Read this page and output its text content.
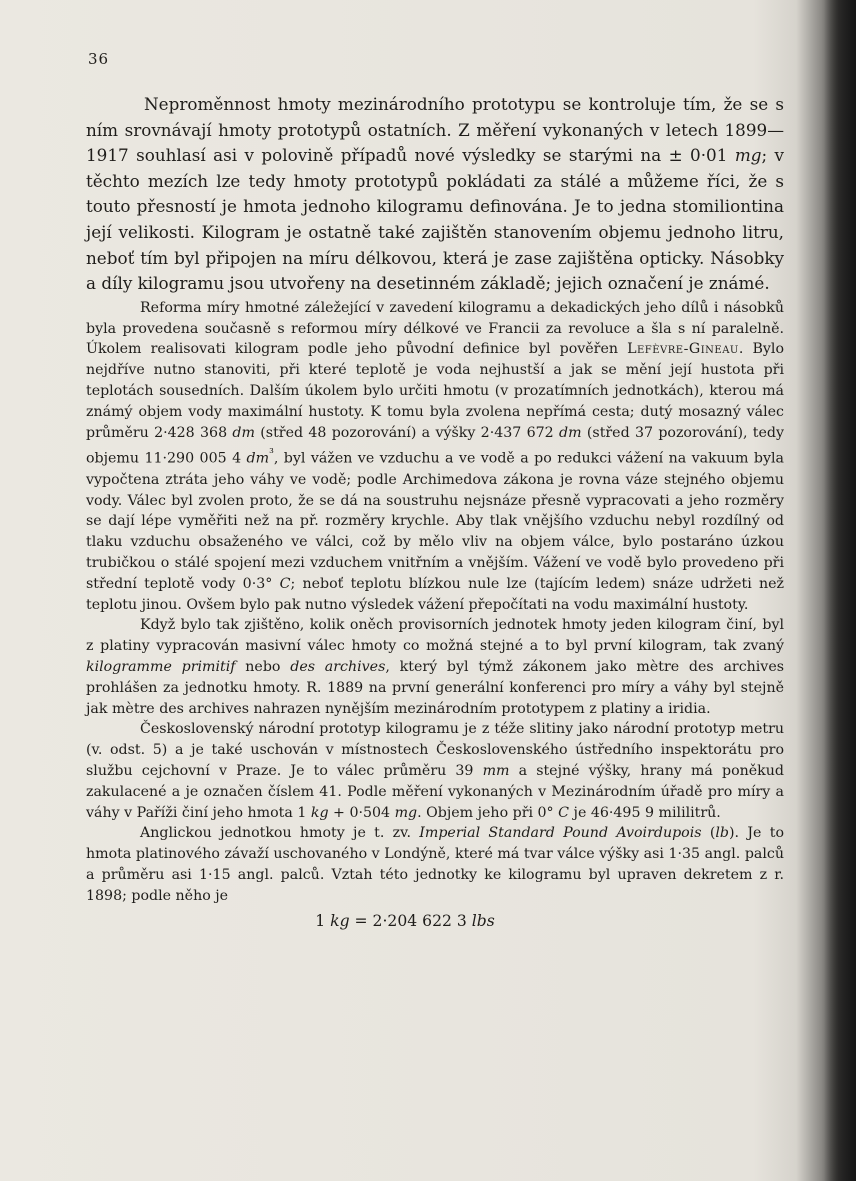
36

Neproměnnost hmoty mezinárodního prototypu se kontroluje tím, že se s ním srovnávají hmoty prototypů ostatních. Z měření vykonaných v letech 1899—1917 souhlasí asi v polovině případů nové výsledky se starými na ± 0·01 mg; v těchto mezích lze tedy hmoty prototypů pokládati za stálé a můžeme říci, že s touto přesností je hmota jednoho kilogramu definována. Je to jedna stomiliontina její velikosti. Kilogram je ostatně také zajištěn stanovením objemu jednoho litru, neboť tím byl připojen na míru délkovou, která je zase zajištěna opticky. Násobky a díly kilogramu jsou utvořeny na desetinném základě; jejich označení je známé.

Reforma míry hmotné záležející v zavedení kilogramu a dekadických jeho dílů i násobků byla provedena současně s reformou míry délkové ve Francii za revoluce a šla s ní paralelně. Úkolem realisovati kilogram podle jeho původní definice byl pověřen Lefèvre-Gineau. Bylo nejdříve nutno stanoviti, při které teplotě je voda nejhustší a jak se mění její hustota při teplotách sousedních. Dalším úkolem bylo určiti hmotu (v prozatímních jednotkách), kterou má známý objem vody maximální hustoty. K tomu byla zvolena nepřímá cesta; dutý mosazný válec průměru 2·428 368 dm (střed 48 pozorování) a výšky 2·437 672 dm (střed 37 pozorování), tedy objemu 11·290 005 4 $dm^{^3}$, byl vážen ve vzduchu a ve vodě a po redukci vážení na vakuum byla vypočtena ztráta jeho váhy ve vodě; podle Archimedova zákona je rovna váze stejného objemu vody. Válec byl zvolen proto, že se dá na soustruhu nejsnáze přesně vypracovati a jeho rozměry se dají lépe vyměřiti než na př. rozměry krychle. Aby tlak vnějšího vzduchu nebyl rozdílný od tlaku vzduchu obsaženého ve válci, což by mělo vliv na objem válce, bylo postaráno úzkou trubičkou o stálé spojení mezi vzduchem vnitřním a vnějším. Vážení ve vodě bylo provedeno při střední teplotě vody 0·3° C; neboť teplotu blízkou nule lze (tajícím ledem) snáze udržeti než teplotu jinou. Ovšem bylo pak nutno výsledek vážení přepočítati na vodu maximální hustoty.

Když bylo tak zjištěno, kolik oněch provisorních jednotek hmoty jeden kilogram činí, byl z platiny vypracován masivní válec hmoty co možná stejné a to byl první kilogram, tak zvaný kilogramme primitif nebo des archives, který byl týmž zákonem jako mètre des archives prohlášen za jednotku hmoty. R. 1889 na první generální konferenci pro míry a váhy byl stejně jak mètre des archives nahrazen nynějším mezinárodním prototypem z platiny a iridia.

Československý národní prototyp kilogramu je z téže slitiny jako národní prototyp metru (v. odst. 5) a je také uschován v místnostech Československého ústředního inspektorátu pro službu cejchovní v Praze. Je to válec průměru 39 mm a stejné výšky, hrany má poněkud zakulacené a je označen číslem 41. Podle měření vykonaných v Mezinárodním úřadě pro míry a váhy v Paříži činí jeho hmota 1 kg + 0·504 mg. Objem jeho při 0° C je 46·495 9 mililitrů.

Anglickou jednotkou hmoty je t. zv. Imperial Standard Pound Avoirdupois (lb). Je to hmota platinového závaží uschovaného v Londýně, které má tvar válce výšky asi 1·35 angl. palců a průměru asi 1·15 angl. palců. Vztah této jednotky ke kilogramu byl upraven dekretem z r. 1898; podle něho je

1 kg = 2·204 622 3 lbs
